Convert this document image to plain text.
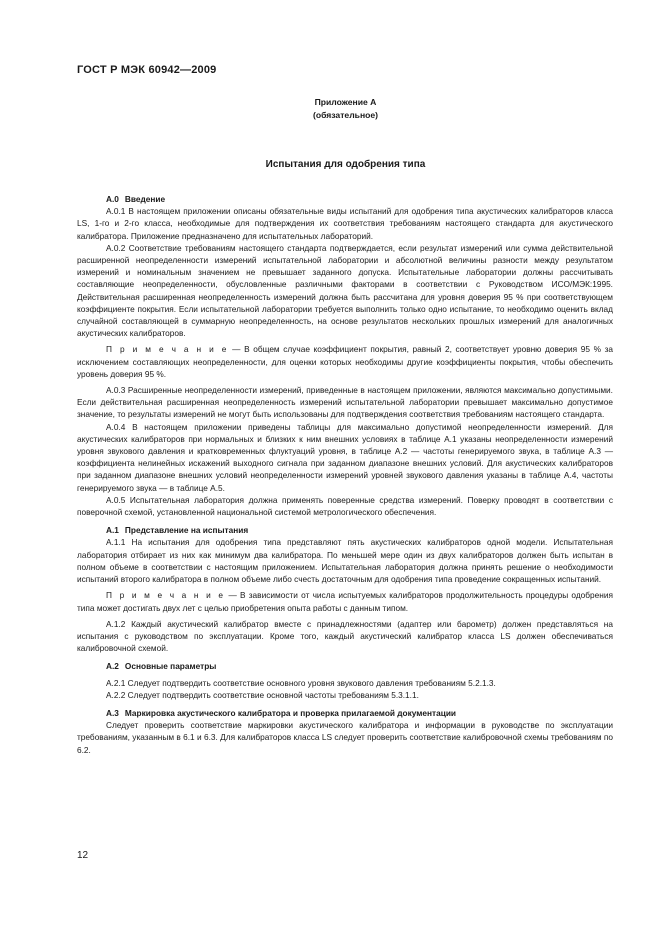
ГОСТ Р МЭК 60942—2009
Приложение А
(обязательное)
Испытания для одобрения типа
А.0 Введение

А.0.1 В настоящем приложении описаны обязательные виды испытаний для одобрения типа акустических калибраторов класса LS, 1-го и 2-го класса, необходимые для подтверждения их соответствия требованиям настоящего стандарта для акустического калибратора. Приложение предназначено для испытательных лабораторий.

А.0.2 Соответствие требованиям настоящего стандарта подтверждается, если результат измерений или сумма действительной расширенной неопределенности измерений испытательной лаборатории и абсолютной величины разности между результатом измерений и номинальным значением не превышает заданного допуска. Испытательные лаборатории должны рассчитывать составляющие неопределенности, обусловленные различными факторами в соответствии с Руководством ИСО/МЭК:1995. Действительная расширенная неопределенность измерений должна быть рассчитана для уровня доверия 95 % при соответствующем коэффициенте покрытия. Если испытательной лаборатории требуется выполнить только одно испытание, то необходимо оценить вклад случайной составляющей в суммарную неопределенность, на основе результатов нескольких прошлых измерений для аналогичных акустических калибраторов.

П р и м е ч а н и е — В общем случае коэффициент покрытия, равный 2, соответствует уровню доверия 95 % за исключением составляющих неопределенности, для оценки которых необходимы другие коэффициенты покрытия, чтобы обеспечить уровень доверия 95 %.

А.0.3 Расширенные неопределенности измерений, приведенные в настоящем приложении, являются максимально допустимыми. Если действительная расширенная неопределенность измерений испытательной лаборатории превышает максимально допустимое значение, то результаты измерений не могут быть использованы для подтверждения соответствия требованиям настоящего стандарта.

А.0.4 В настоящем приложении приведены таблицы для максимально допустимой неопределенности измерений. Для акустических калибраторов при нормальных и близких к ним внешних условиях в таблице А.1 указаны неопределенности измерений уровня звукового давления и кратковременных флуктуаций уровня, в таблице А.2 — частоты генерируемого звука, в таблице А.3 — коэффициента нелинейных искажений выходного сигнала при заданном диапазоне внешних условий. Для акустических калибраторов при заданном диапазоне внешних условий неопределенности измерений уровней звукового давления указаны в таблице А.4, частоты генерируемого звука — в таблице А.5.

А.0.5 Испытательная лаборатория должна применять поверенные средства измерений. Поверку проводят в соответствии с поверочной схемой, установленной национальной системой метрологического обеспечения.

А.1 Представление на испытания

А.1.1 На испытания для одобрения типа представляют пять акустических калибраторов одной модели. Испытательная лаборатория отбирает из них как минимум два калибратора. По меньшей мере один из двух калибраторов должен быть испытан в полном объеме в соответствии с настоящим приложением. Испытательная лаборатория должна принять решение о необходимости испытаний второго калибратора в полном объеме либо счесть достаточным для одобрения типа проведение сокращенных испытаний.

П р и м е ч а н и е — В зависимости от числа испытуемых калибраторов продолжительность процедуры одобрения типа может достигать двух лет с целью приобретения опыта работы с данным типом.

А.1.2 Каждый акустический калибратор вместе с принадлежностями (адаптер или барометр) должен представляться на испытания с руководством по эксплуатации. Кроме того, каждый акустический калибратор класса LS должен обеспечиваться калибровочной схемой.

А.2 Основные параметры

А.2.1 Следует подтвердить соответствие основного уровня звукового давления требованиям 5.2.1.3.

А.2.2 Следует подтвердить соответствие основной частоты требованиям 5.3.1.1.

А.3 Маркировка акустического калибратора и проверка прилагаемой документации

Следует проверить соответствие маркировки акустического калибратора и информации в руководстве по эксплуатации требованиям, указанным в 6.1 и 6.3. Для калибраторов класса LS следует проверить соответствие калибровочной схемы требованиям по 6.2.

12
